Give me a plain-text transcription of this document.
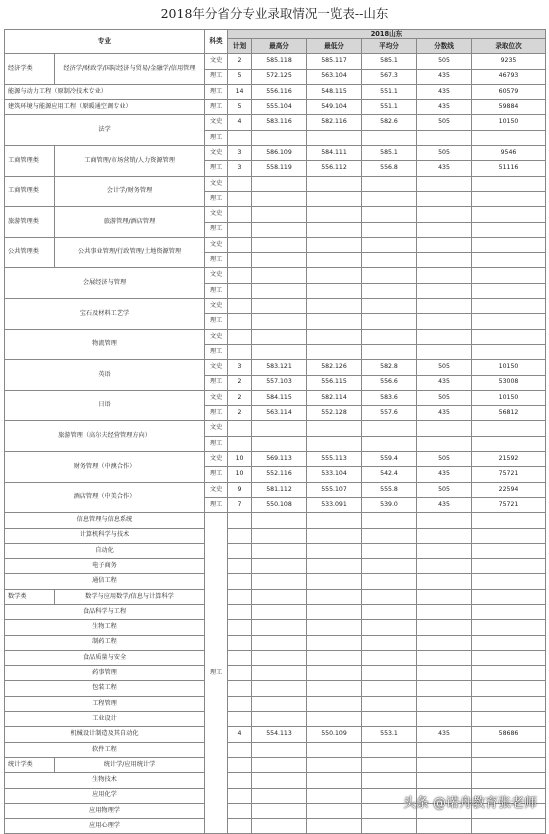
2018年分省分专业录取情况一览表--山东
专业		科类	2018山东					
			计划	最高分	最低分	平均分	分数线	录取位次
经济学类	经济学/财政学/国际经济与贸易/金融学/信用管理	文史	2	585.118	585.117	585.1	505	9235
		理工	5	572.125	563.104	567.3	435	46793
能源与动力工程（原制冷技术专业）		理工	14	556.116	548.115	551.1	435	60579
建筑环境与能源应用工程（原暖通空调专业）		理工	5	555.104	549.104	551.1	435	59884
法学		文史	4	583.116	582.116	582.6	505	10150
		理工						
工商管理类	工商管理/市场营销/人力资源管理	文史	3	586.109	584.111	585.1	505	9546
		理工	3	558.119	556.112	556.8	435	51116
工商管理类	会计学/财务管理	文史						
		理工						
旅游管理类	旅游管理/酒店管理	文史						
		理工						
公共管理类	公共事业管理/行政管理/土地资源管理	文史						
		理工						
会展经济与管理		文史						
		理工						
宝石及材料工艺学		文史						
		理工						
物流管理		文史						
		理工						
英语		文史	3	583.121	582.126	582.8	505	10150
		理工	2	557.103	556.115	556.6	435	53008
日语		文史	2	584.115	582.114	583.6	505	10150
		理工	2	563.114	552.128	557.6	435	56812
旅游管理（高尔夫经营管理方向）		文史						
		理工						
财务管理（中澳合作）		文史	10	569.113	555.113	559.4	505	21592
		理工	10	552.116	533.104	542.4	435	75721
酒店管理（中美合作）		文史	9	581.112	555.107	555.8	505	22594
		理工	7	550.108	533.091	539.0	435	75721
信息管理与信息系统		理工						
计算机科学与技术								
自动化								
电子商务								
通信工程								
数学类	数学与应用数学/信息与计算科学							
食品科学与工程								
生物工程								
制药工程								
食品质量与安全								
药事管理								
包装工程								
工程管理								
工业设计								
机械设计制造及其自动化			4	554.113	550.109	553.1	435	58686
软件工程								
统计学类	统计学/应用统计学							
生物技术								
应用化学								
应用物理学								
应用心理学								
头条 @诺舟教育张老师
